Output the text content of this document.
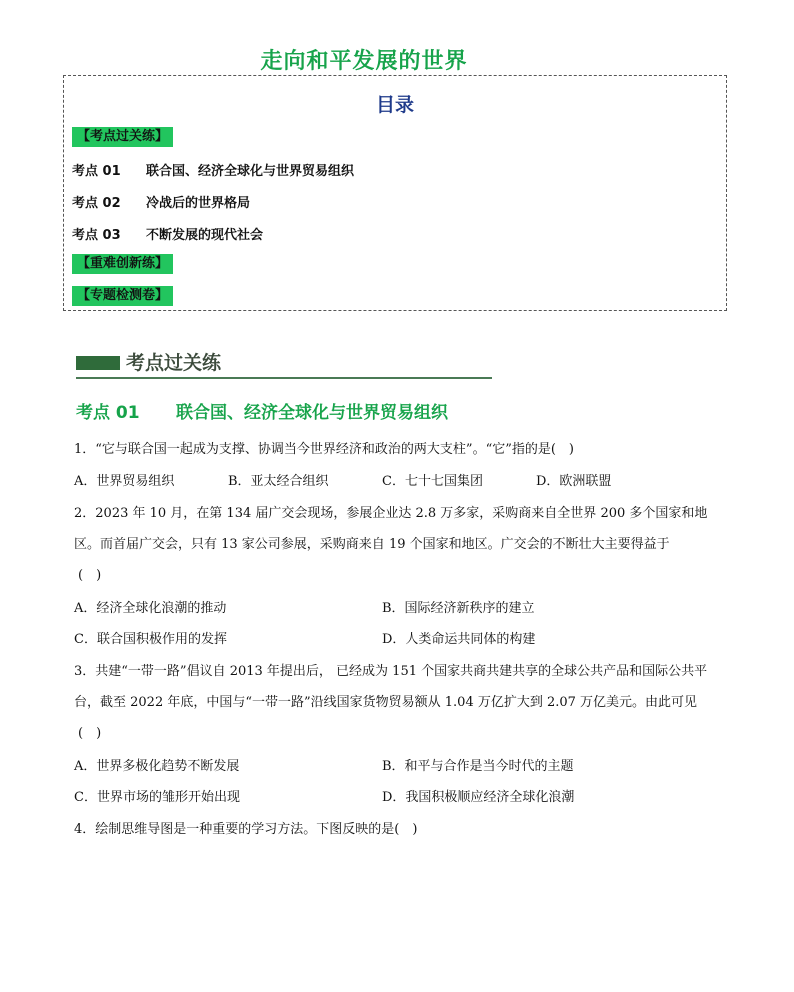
走向和平发展的世界
目录
【考点过关练】
考点 01 联合国、经济全球化与世界贸易组织
考点 02 冷战后的世界格局
考点 03 不断发展的现代社会
【重难创新练】
【专题检测卷】
考点过关练
考点 01 联合国、经济全球化与世界贸易组织
1．“它与联合国一起成为支撑、协调当今世界经济和政治的两大支柱”。“它”指的是(　)
A．世界贸易组织	B．亚太经合组织	C．七十七国集团	D．欧洲联盟
2．2023 年 10 月，在第 134 届广交会现场，参展企业达 2.8 万多家，采购商来自全世界 200 多个国家和地
区。而首届广交会，只有 13 家公司参展，采购商来自 19 个国家和地区。广交会的不断壮大主要得益于
(　)
A．经济全球化浪潮的推动	B．国际经济新秩序的建立
C．联合国积极作用的发挥	D．人类命运共同体的构建
3．共建“一带一路”倡议自 2013 年提出后， 已经成为 151 个国家共商共建共享的全球公共产品和国际公共平
台，截至 2022 年底，中国与“一带一路”沿线国家货物贸易额从 1.04 万亿扩大到 2.07 万亿美元。由此可见
(　)
A．世界多极化趋势不断发展	B．和平与合作是当今时代的主题
C．世界市场的雏形开始出现	D．我国积极顺应经济全球化浪潮
4．绘制思维导图是一种重要的学习方法。下图反映的是(　)
